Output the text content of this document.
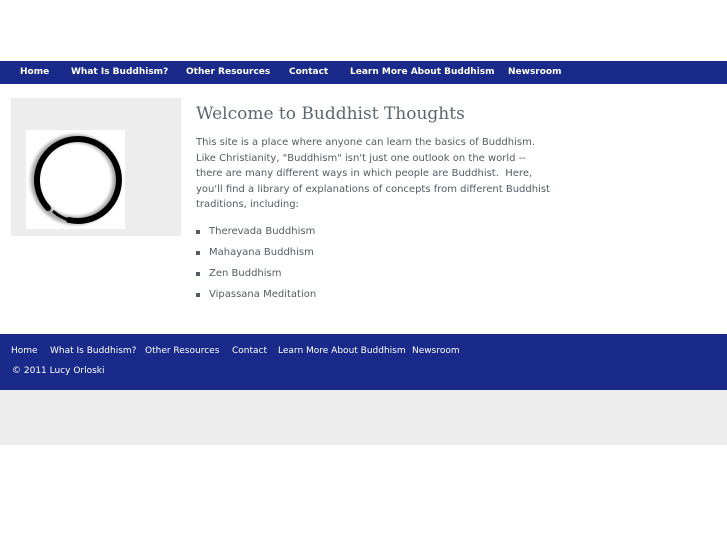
Home What Is Buddhism? Other Resources Contact Learn More About Buddhism Newsroom
Welcome to Buddhist Thoughts
This site is a place where anyone can learn the basics of Buddhism.
Like Christianity, "Buddhism" isn't just one outlook on the world --
there are many different ways in which people are Buddhist.  Here,
you'll find a library of explanations of concepts from different Buddhist
traditions, including:
Therevada Buddhism
Mahayana Buddhism
Zen Buddhism
Vipassana Meditation
Home What Is Buddhism? Other Resources Contact Learn More About Buddhism Newsroom
© 2011 Lucy Orloski
